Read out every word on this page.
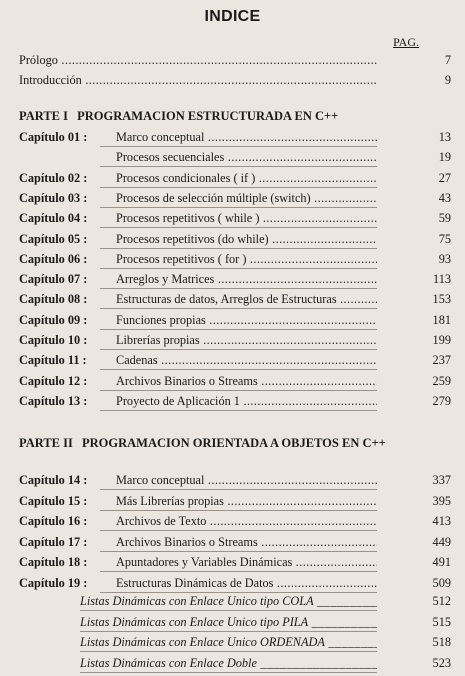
INDICE
PAG.
Prólogo .....	7
Introducción .....	9
PARTE I PROGRAMACION ESTRUCTURADA EN C++
Capítulo 01 : Marco conceptual .....	13
Procesos secuenciales .....	19
Capítulo 02 : Procesos condicionales ( if ) .....	27
Capítulo 03 : Procesos de selección múltiple (switch) .....	43
Capítulo 04 : Procesos repetitivos ( while ) .....	59
Capítulo 05 : Procesos repetitivos (do while) .....	75
Capítulo 06 : Procesos repetitivos ( for ) .....	93
Capítulo 07 : Arreglos y Matrices .....	113
Capítulo 08 : Estructuras de datos, Arreglos de Estructuras .....	153
Capítulo 09 : Funciones propias .....	181
Capítulo 10 : Librerías propias .....	199
Capítulo 11 : Cadenas .....	237
Capítulo 12 : Archivos Binarios o Streams .....	259
Capítulo 13 : Proyecto de Aplicación 1 .....	279
PARTE II PROGRAMACION ORIENTADA A OBJETOS EN C++
Capítulo 14 : Marco conceptual .....	337
Capítulo 15 : Más Librerías propias .....	395
Capítulo 16 : Archivos de Texto .....	413
Capítulo 17 : Archivos Binarios o Streams .....	449
Capítulo 18 : Apuntadores y Variables Dinámicas .....	491
Capítulo 19 : Estructuras Dinámicas de Datos .....	509
Listas Dinámicas con Enlace Unico tipo COLA _____	512
Listas Dinámicas con Enlace Unico tipo PILA _____	515
Listas Dinámicas con Enlace Unico ORDENADA _____	518
Listas Dinámicas con Enlace Doble _____	523
